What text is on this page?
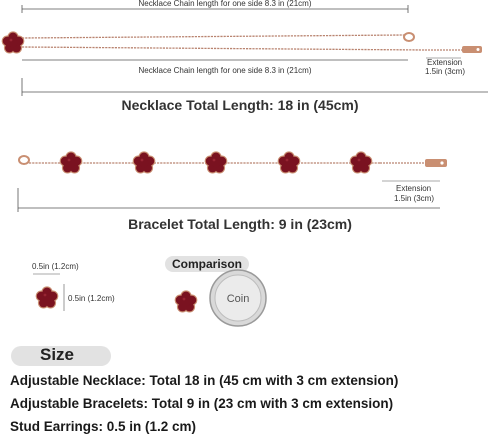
Necklace Chain length for one side 8.3 in (21cm)
Extension
1.5in (3cm)
Necklace Chain length for one side 8.3 in (21cm)
Necklace Total Length: 18 in (45cm)
Extension
1.5in (3cm)
Bracelet Total Length: 9 in (23cm)
0.5in (1.2cm)
0.5in (1.2cm)
Comparison
Coin
Size
Adjustable Necklace: Total 18 in (45 cm with 3 cm extension)
Adjustable Bracelets: Total 9 in (23 cm with 3 cm extension)
Stud Earrings: 0.5 in (1.2 cm)
